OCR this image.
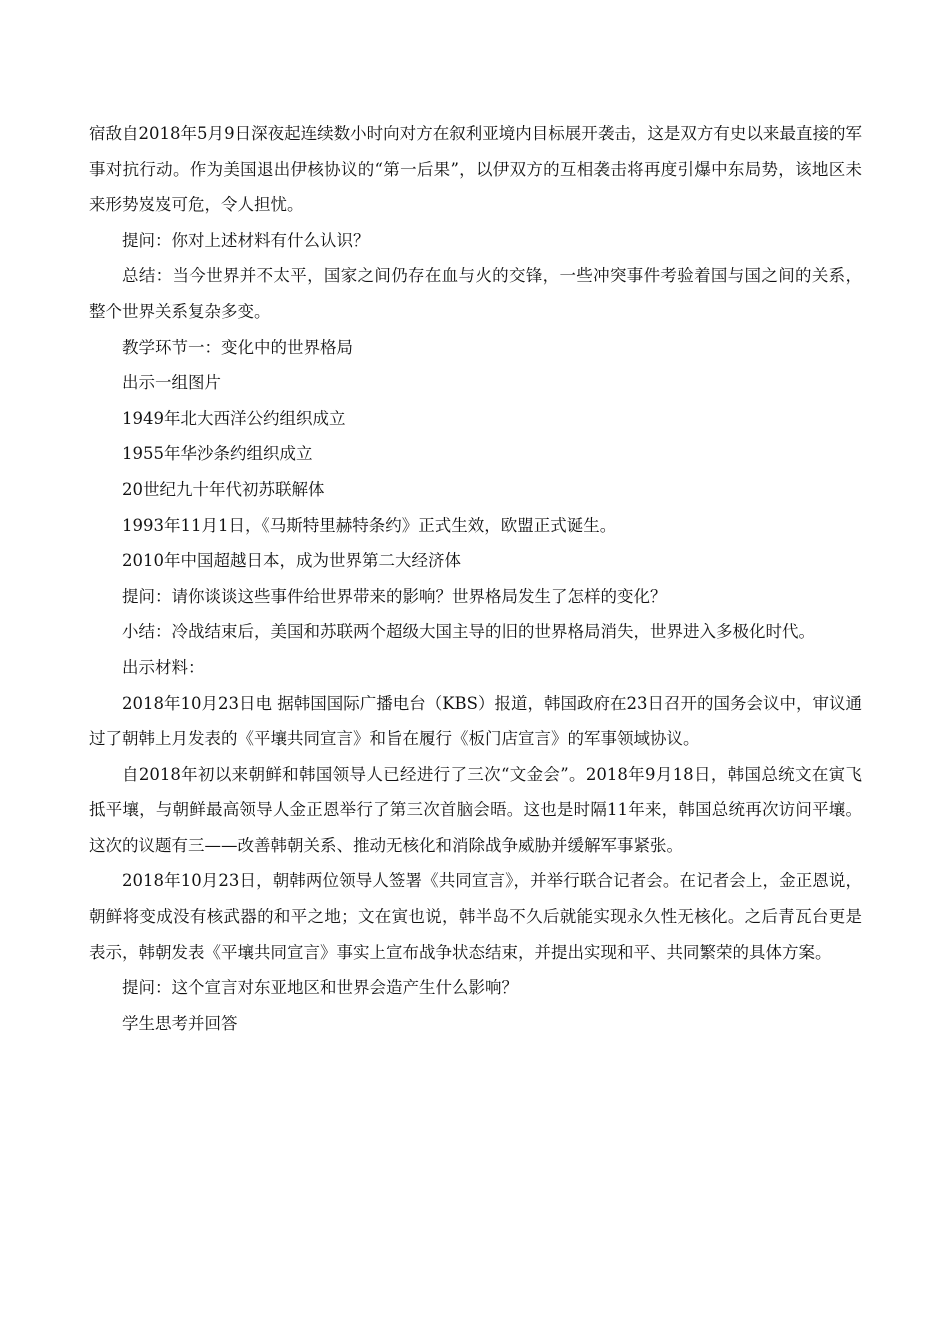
宿敌自2018年5月9日深夜起连续数小时向对方在叙利亚境内目标展开袭击，这是双方有史以来最直接的军事对抗行动。作为美国退出伊核协议的“第一后果”，以伊双方的互相袭击将再度引爆中东局势，该地区未来形势岌岌可危，令人担忧。

提问：你对上述材料有什么认识？

总结：当今世界并不太平，国家之间仍存在血与火的交锋，一些冲突事件考验着国与国之间的关系，整个世界关系复杂多变。

教学环节一：变化中的世界格局

出示一组图片

1949年北大西洋公约组织成立

1955年华沙条约组织成立

20世纪九十年代初苏联解体

1993年11月1日，《马斯特里赫特条约》正式生效，欧盟正式诞生。

2010年中国超越日本，成为世界第二大经济体

提问：请你谈谈这些事件给世界带来的影响？世界格局发生了怎样的变化？

小结：冷战结束后，美国和苏联两个超级大国主导的旧的世界格局消失，世界进入多极化时代。

出示材料：

2018年10月23日电 据韩国国际广播电台（KBS）报道，韩国政府在23日召开的国务会议中，审议通过了朝韩上月发表的《平壤共同宣言》和旨在履行《板门店宣言》的军事领域协议。

自2018年初以来朝鲜和韩国领导人已经进行了三次“文金会”。2018年9月18日，韩国总统文在寅飞抵平壤，与朝鲜最高领导人金正恩举行了第三次首脑会晤。这也是时隔11年来，韩国总统再次访问平壤。这次的议题有三——改善韩朝关系、推动无核化和消除战争威胁并缓解军事紧张。

2018年10月23日，朝韩两位领导人签署《共同宣言》，并举行联合记者会。在记者会上，金正恩说，朝鲜将变成没有核武器的和平之地；文在寅也说，韩半岛不久后就能实现永久性无核化。之后青瓦台更是表示，韩朝发表《平壤共同宣言》事实上宣布战争状态结束，并提出实现和平、共同繁荣的具体方案。

提问：这个宣言对东亚地区和世界会造产生什么影响？

学生思考并回答
